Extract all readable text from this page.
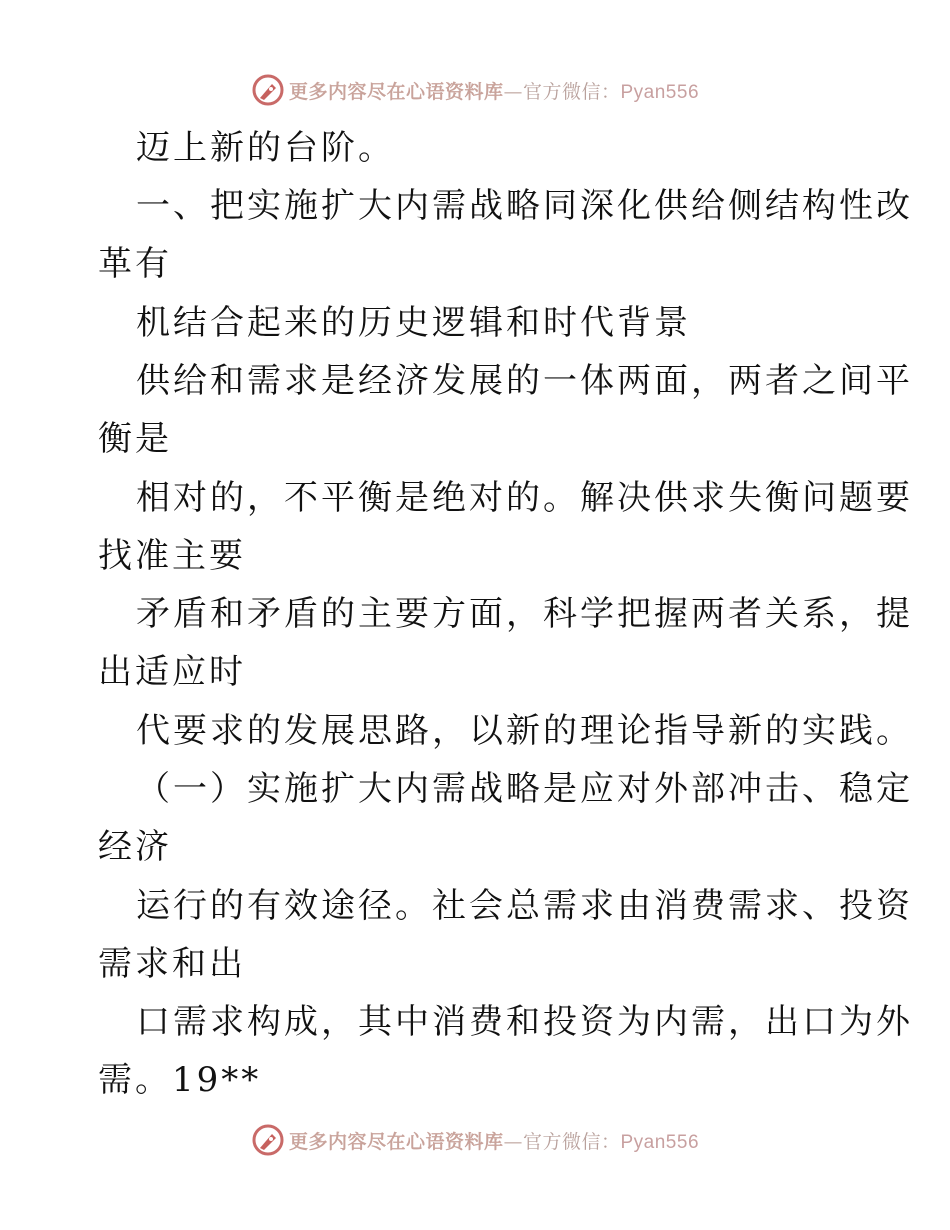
更多内容尽在心语资料库—官方微信：Pyan556
迈上新的台阶。
一、把实施扩大内需战略同深化供给侧结构性改
革有
机结合起来的历史逻辑和时代背景
供给和需求是经济发展的一体两面，两者之间平
衡是
相对的，不平衡是绝对的。解决供求失衡问题要
找准主要
矛盾和矛盾的主要方面，科学把握两者关系，提
出适应时
代要求的发展思路，以新的理论指导新的实践。
（一）实施扩大内需战略是应对外部冲击、稳定
经济
运行的有效途径。社会总需求由消费需求、投资
需求和出
口需求构成，其中消费和投资为内需，出口为外
需。19**
更多内容尽在心语资料库—官方微信：Pyan556
